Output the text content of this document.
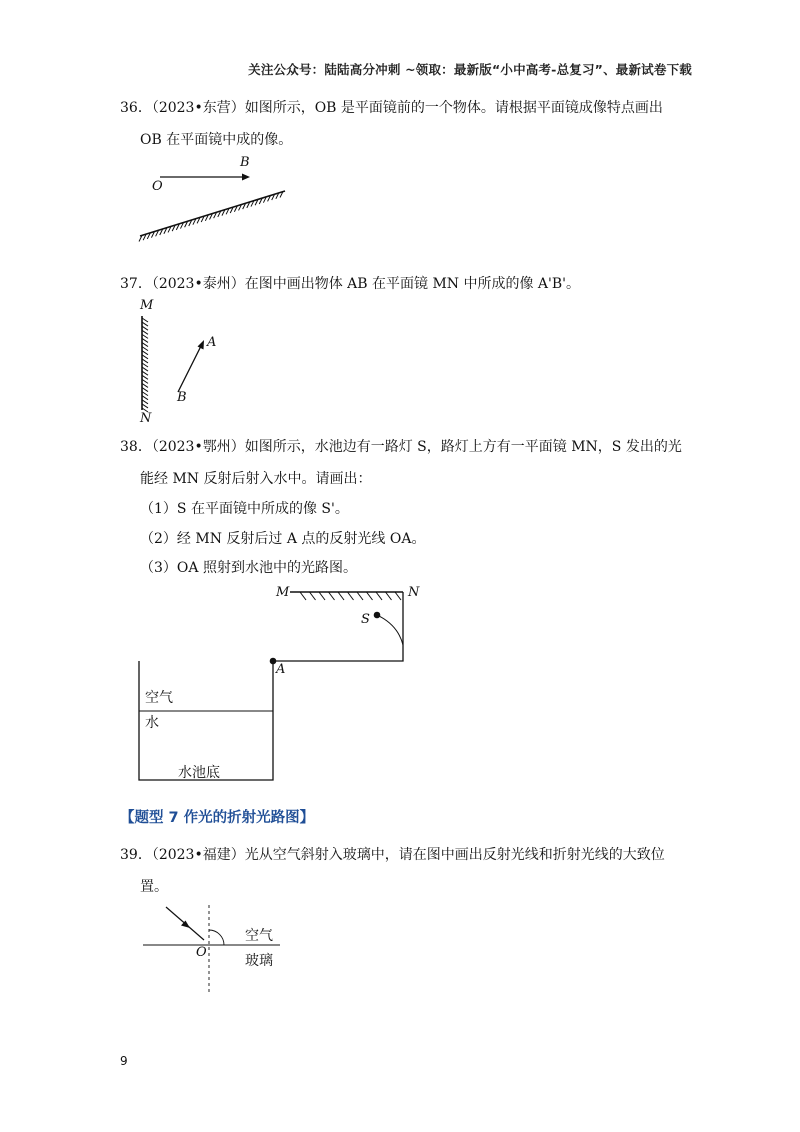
关注公众号：陆陆高分冲刺 ~领取：最新版“小中高考-总复习”、最新试卷下载
36．（2023•东营）如图所示，OB 是平面镜前的一个物体。请根据平面镜成像特点画出
OB 在平面镜中成的像。
O
B
37．（2023•泰州）在图中画出物体 AB 在平面镜 MN 中所成的像 A'B'。
M
N
A
B
38．（2023•鄂州）如图所示，水池边有一路灯 S，路灯上方有一平面镜 MN，S 发出的光
能经 MN 反射后射入水中。请画出：
（1）S 在平面镜中所成的像 S'。
（2）经 MN 反射后过 A 点的反射光线 OA。
（3）OA 照射到水池中的光路图。
M	N
S
A
空气
水
水池底
【题型 7 作光的折射光路图】
39．（2023•福建）光从空气斜射入玻璃中，请在图中画出反射光线和折射光线的大致位
置。
空气
玻璃
O
9
